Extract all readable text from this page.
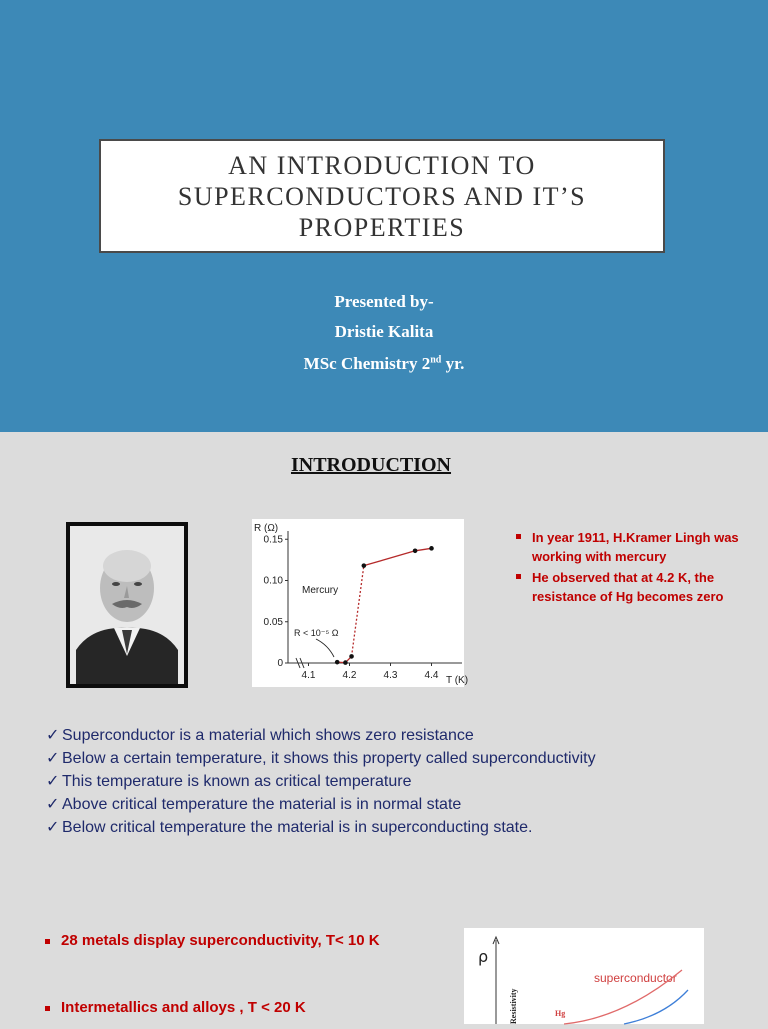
AN INTRODUCTION TO
SUPERCONDUCTORS AND IT’S
PROPERTIES

Presented by-
Dristie Kalita
MSc Chemistry 2nd yr.
INTRODUCTION
R (Ω)
T (K)
0
0.05
0.10
0.15
4.1	4.2	4.3	4.4
Mercury
R < 10⁻⁵ Ω
In year 1911, H.Kramer Lingh was working with mercury
He observed that at 4.2 K, the resistance of Hg becomes zero
✓ Superconductor is a material which shows zero resistance
✓ Below a certain temperature, it shows this property called superconductivity
✓ This temperature is known as critical temperature
✓ Above critical temperature the material is in normal state
✓ Below critical temperature the material is in superconducting state.
28 metals display superconductivity, T< 10 K
Intermetallics and alloys , T < 20 K
ρ
Resistivity
superconductor
Hg
